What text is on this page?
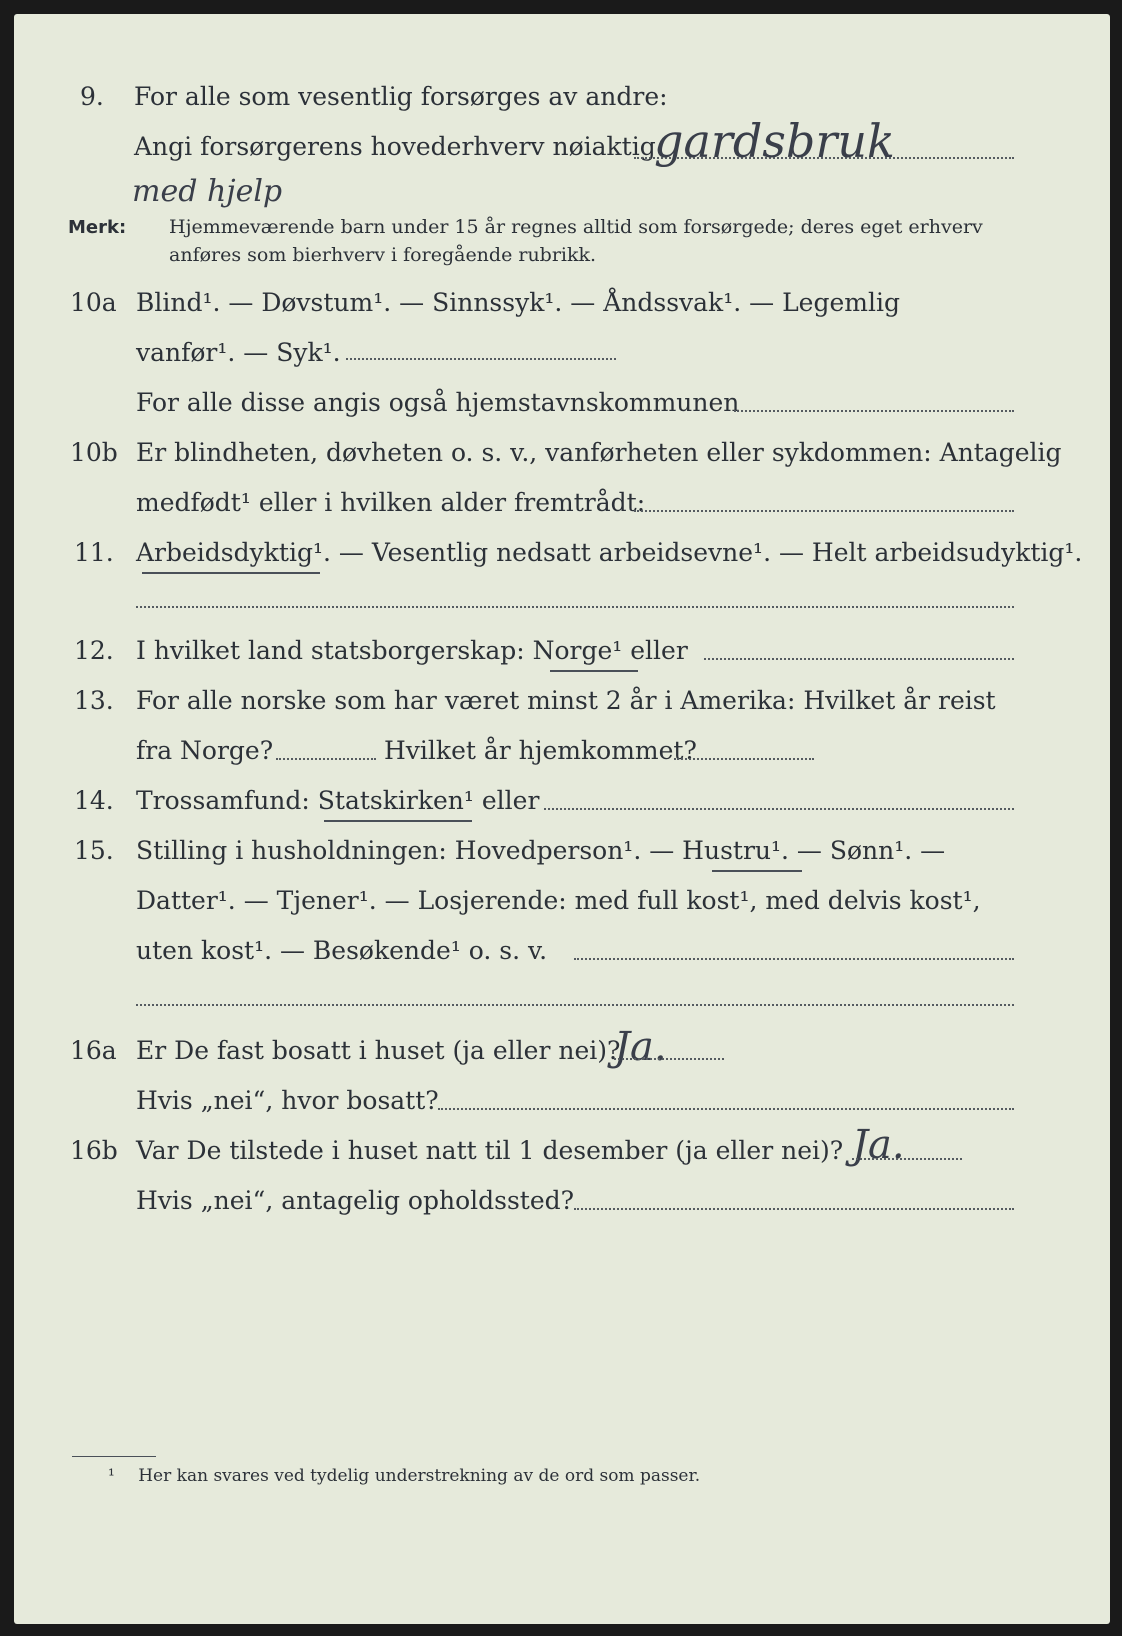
9. For alle som vesentlig forsørges av andre:
Angi forsørgerens hovederhverv nøiaktig
gardsbruk
med hjelp
Merk: Hjemmeværende barn under 15 år regnes alltid som forsørgede; deres eget erhverv
anføres som bierhverv i foregående rubrikk.
10a Blind¹. — Døvstum¹. — Sinnssyk¹. — Åndssvak¹. — Legemlig
vanfør¹. — Syk¹.
For alle disse angis også hjemstavnskommunen
10b Er blindheten, døvheten o. s. v., vanførheten eller sykdommen: Antagelig
medfødt¹ eller i hvilken alder fremtrådt:
11. Arbeidsdyktig¹. — Vesentlig nedsatt arbeidsevne¹. — Helt arbeidsudyktig¹.
12. I hvilket land statsborgerskap: Norge¹ eller
13. For alle norske som har været minst 2 år i Amerika: Hvilket år reist
fra Norge?	Hvilket år hjemkommet?
14. Trossamfund: Statskirken¹ eller
15. Stilling i husholdningen: Hovedperson¹. — Hustru¹. — Sønn¹. —
Datter¹. — Tjener¹. — Losjerende: med full kost¹, med delvis kost¹,
uten kost¹. — Besøkende¹ o. s. v.
16a Er De fast bosatt i huset (ja eller nei)?
Ja.
Hvis „nei“, hvor bosatt?
16b Var De tilstede i huset natt til 1 desember (ja eller nei)? Ja.
Hvis „nei“, antagelig opholdssted?
¹ Her kan svares ved tydelig understrekning av de ord som passer.
